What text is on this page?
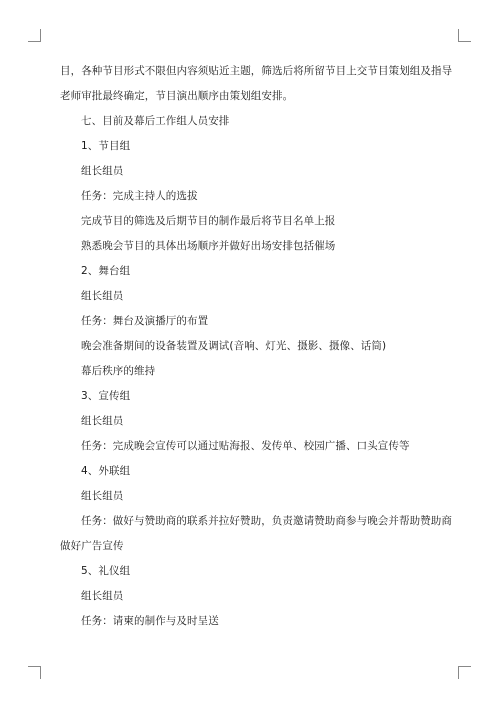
目，各种节目形式不限但内容须贴近主题，筛选后将所留节目上交节目策划组及指导
老师审批最终确定，节目演出顺序由策划组安排。
七、目前及幕后工作组人员安排
1、节目组
组长组员
任务：完成主持人的选拔
完成节目的筛选及后期节目的制作最后将节目名单上报
熟悉晚会节目的具体出场顺序并做好出场安排包括催场
2、舞台组
组长组员
任务：舞台及演播厅的布置
晚会准备期间的设备装置及调试(音响、灯光、摄影、摄像、话筒)
幕后秩序的维持
3、宣传组
组长组员
任务：完成晚会宣传可以通过贴海报、发传单、校园广播、口头宣传等
4、外联组
组长组员
任务：做好与赞助商的联系并拉好赞助，负责邀请赞助商参与晚会并帮助赞助商
做好广告宣传
5、礼仪组
组长组员
任务：请柬的制作与及时呈送
